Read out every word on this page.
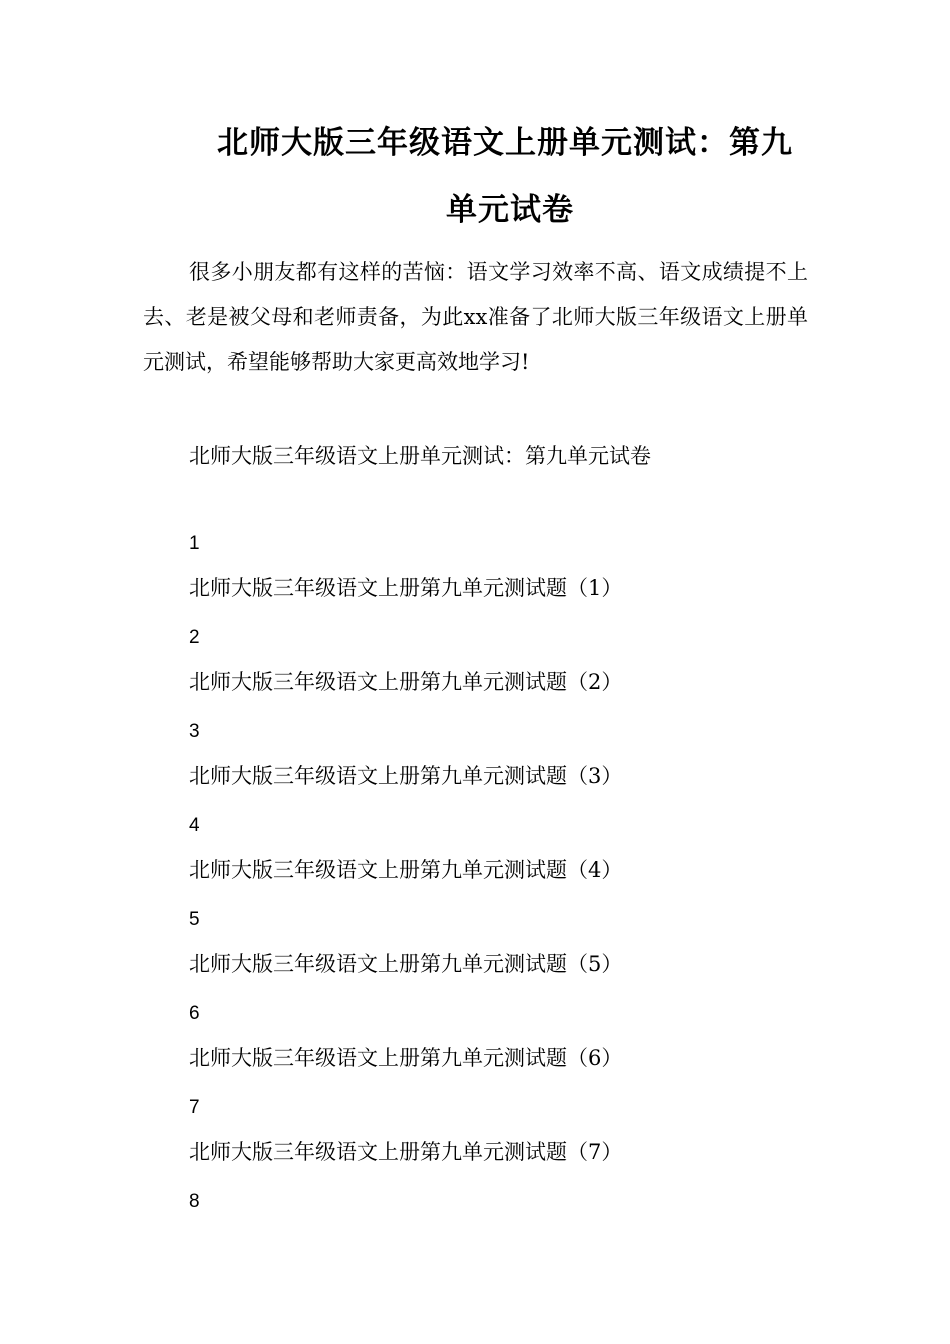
北师大版三年级语文上册单元测试：第九
单元试卷

很多小朋友都有这样的苦恼：语文学习效率不高、语文成绩提不上去、老是被父母和老师责备，为此xx准备了北师大版三年级语文上册单元测试，希望能够帮助大家更高效地学习!

北师大版三年级语文上册单元测试：第九单元试卷

1
北师大版三年级语文上册第九单元测试题（1）
2
北师大版三年级语文上册第九单元测试题（2）
3
北师大版三年级语文上册第九单元测试题（3）
4
北师大版三年级语文上册第九单元测试题（4）
5
北师大版三年级语文上册第九单元测试题（5）
6
北师大版三年级语文上册第九单元测试题（6）
7
北师大版三年级语文上册第九单元测试题（7）
8
